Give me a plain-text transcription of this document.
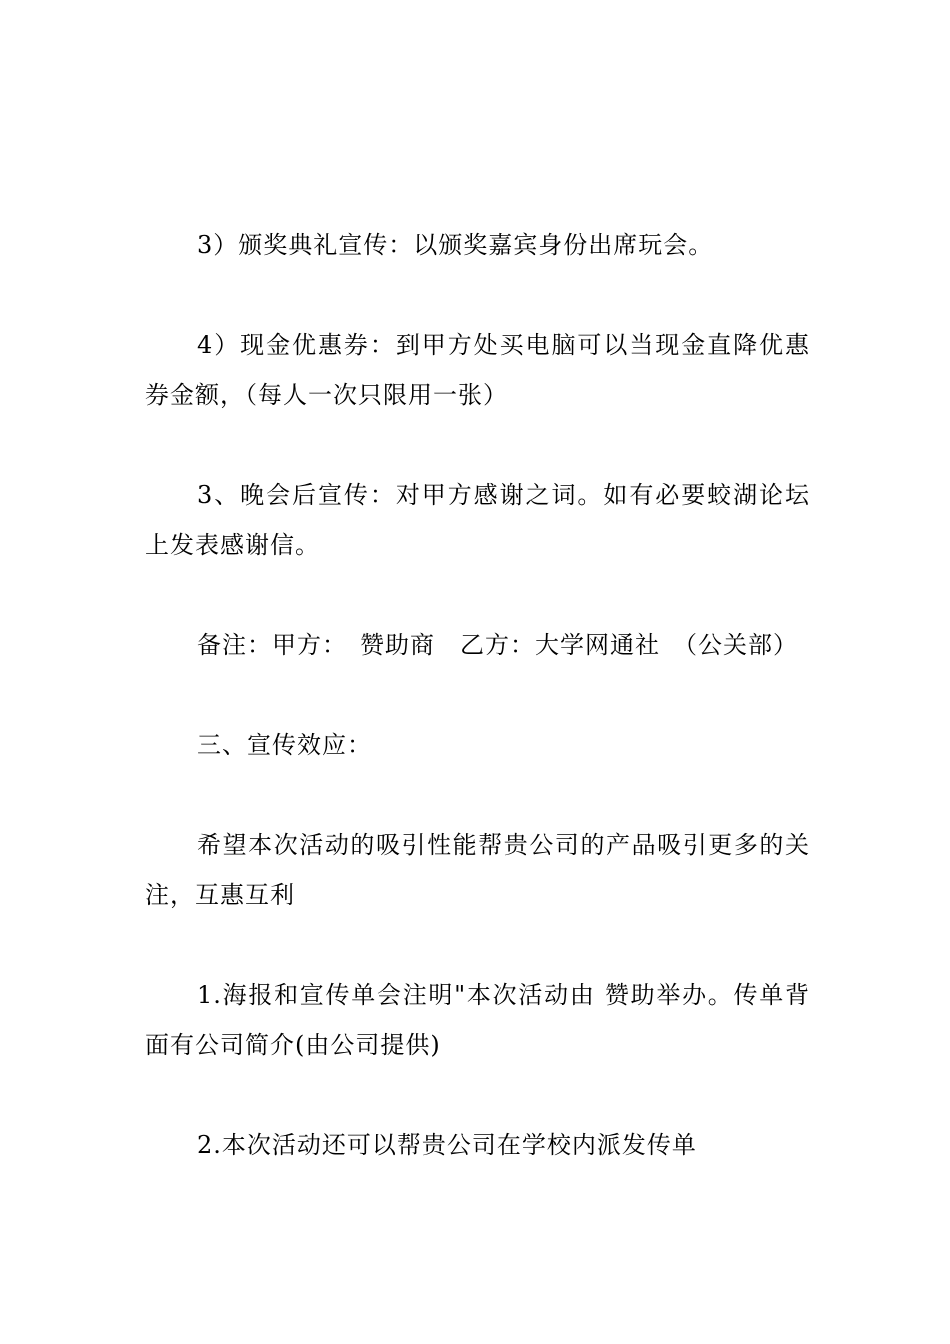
3）颁奖典礼宣传：以颁奖嘉宾身份出席玩会。

4）现金优惠券：到甲方处买电脑可以当现金直降优惠券金额，（每人一次只限用一张）

3、晚会后宣传：对甲方感谢之词。如有必要蛟湖论坛上发表感谢信。

备注：甲方：　赞助商　乙方：大学网通社　（公关部）

三、宣传效应：

希望本次活动的吸引性能帮贵公司的产品吸引更多的关注，互惠互利

1.海报和宣传单会注明"本次活动由 赞助举办。传单背面有公司简介(由公司提供)

2.本次活动还可以帮贵公司在学校内派发传单
